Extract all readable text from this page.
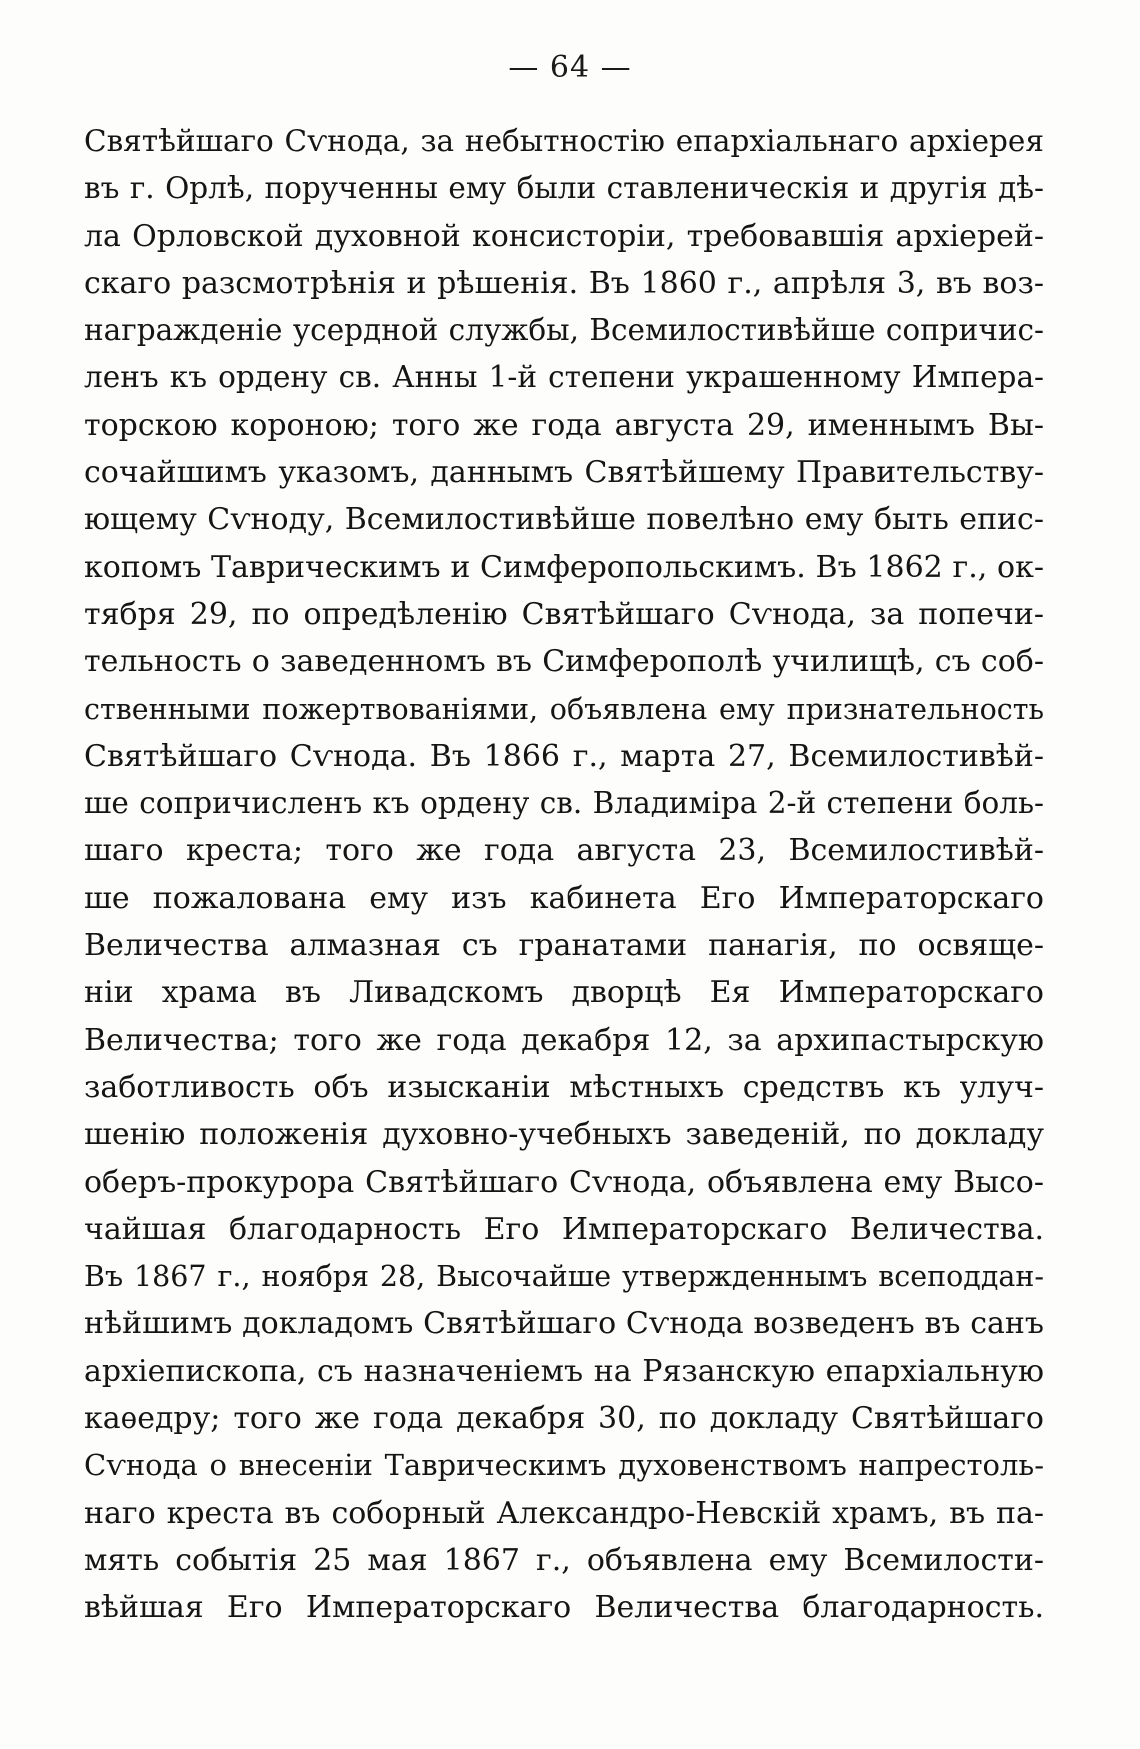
— 64 —
Святѣйшаго Сѵнода, за небытностію епархіальнаго архіерея
въ г. Орлѣ, порученны ему были ставленическія и другія дѣ-
ла Орловской духовной консисторіи, требовавшія архіерей-
скаго разсмотрѣнія и рѣшенія. Въ 1860 г., апрѣля 3, въ воз-
награжденіе усердной службы, Всемилостивѣйше сопричис-
ленъ къ ордену св. Анны 1-й степени украшенному Импера-
торскою короною; того же года августа 29, именнымъ Вы-
сочайшимъ указомъ, даннымъ Святѣйшему Правительству-
ющему Сѵноду, Всемилостивѣйше повелѣно ему быть епис-
копомъ Таврическимъ и Симферопольскимъ. Въ 1862 г., ок-
тября 29, по опредѣленію Святѣйшаго Сѵнода, за попечи-
тельность о заведенномъ въ Симферополѣ училищѣ, съ соб-
ственными пожертвованіями, объявлена ему признательность
Святѣйшаго Сѵнода. Въ 1866 г., марта 27, Всемилостивѣй-
ше сопричисленъ къ ордену св. Владиміра 2-й степени боль-
шаго креста; того же года августа 23, Всемилостивѣй-
ше пожалована ему изъ кабинета Его Императорскаго
Величества алмазная съ гранатами панагія, по освяще-
ніи храма въ Ливадскомъ дворцѣ Ея Императорскаго
Величества; того же года декабря 12, за архипастырскую
заботливость объ изысканіи мѣстныхъ средствъ къ улуч-
шенію положенія духовно-учебныхъ заведеній, по докладу
оберъ-прокурора Святѣйшаго Сѵнода, объявлена ему Высо-
чайшая благодарность Его Императорскаго Величества.
Въ 1867 г., ноября 28, Высочайше утвержденнымъ всеподдан-
нѣйшимъ докладомъ Святѣйшаго Сѵнода возведенъ въ санъ
архіепископа, съ назначеніемъ на Рязанскую епархіальную
каѳедру; того же года декабря 30, по докладу Святѣйшаго
Сѵнода о внесеніи Таврическимъ духовенствомъ напрестоль-
наго креста въ соборный Александро-Невскій храмъ, въ па-
мять событія 25 мая 1867 г., объявлена ему Всемилости-
вѣйшая Его Императорскаго Величества благодарность.
